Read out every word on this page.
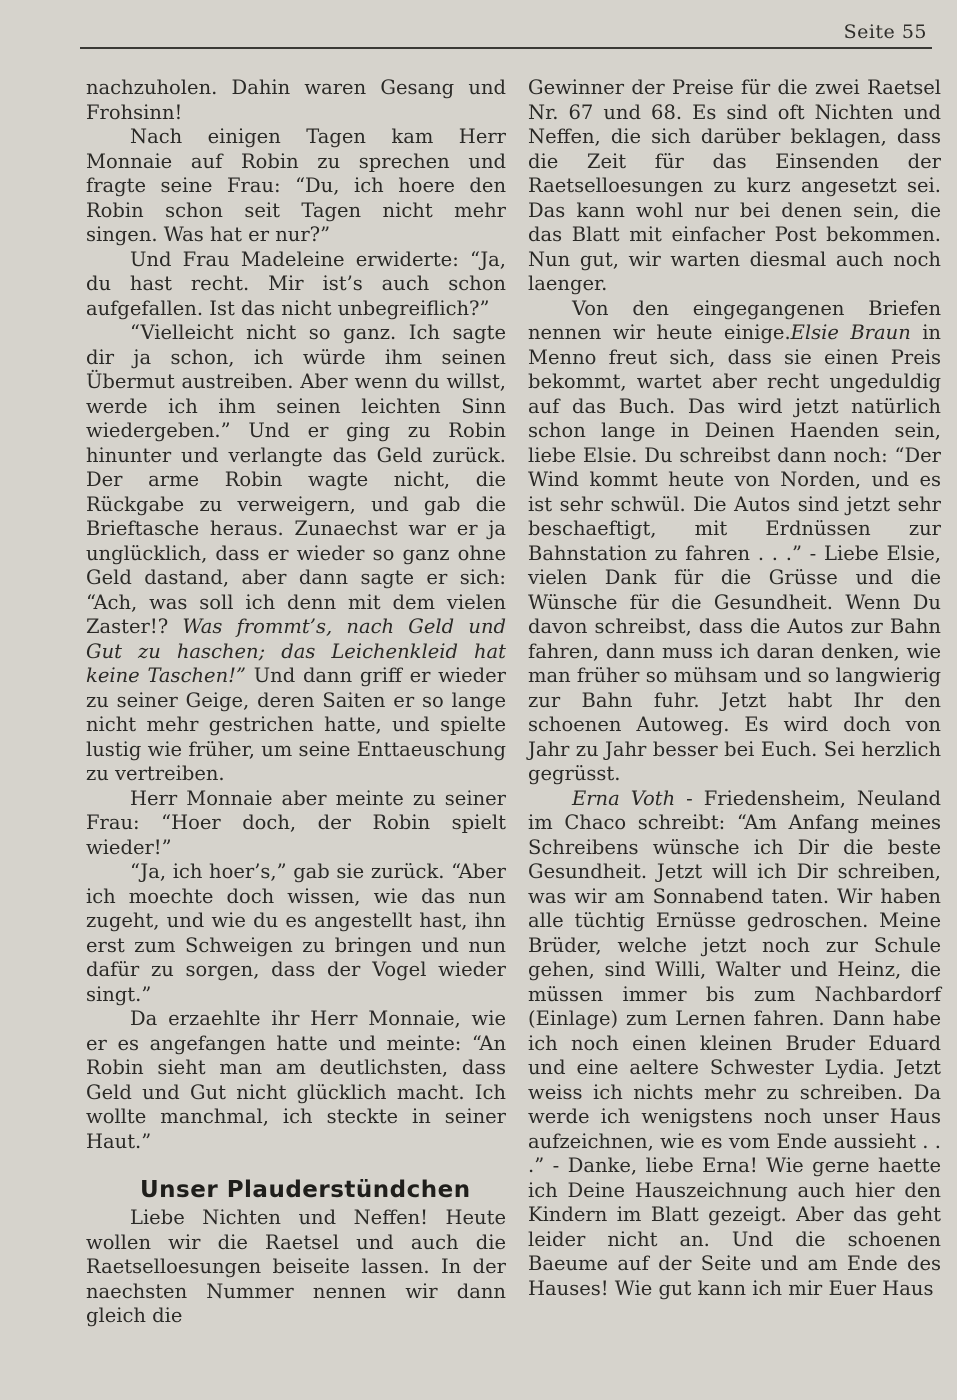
Seite 55

nachzuholen. Dahin waren Gesang und Frohsinn!

Nach einigen Tagen kam Herr Monnaie auf Robin zu sprechen und fragte seine Frau: “Du, ich hoere den Robin schon seit Tagen nicht mehr singen. Was hat er nur?”

Und Frau Madeleine erwiderte: “Ja, du hast recht. Mir ist’s auch schon aufgefallen. Ist das nicht unbegreiflich?”

“Vielleicht nicht so ganz. Ich sagte dir ja schon, ich würde ihm seinen Übermut austreiben. Aber wenn du willst, werde ich ihm seinen leichten Sinn wiedergeben.” Und er ging zu Robin hinunter und verlangte das Geld zurück. Der arme Robin wagte nicht, die Rückgabe zu verweigern, und gab die Brieftasche heraus. Zunaechst war er ja unglücklich, dass er wieder so ganz ohne Geld dastand, aber dann sagte er sich: “Ach, was soll ich denn mit dem vielen Zaster!? Was frommt’s, nach Geld und Gut zu haschen; das Leichenkleid hat keine Taschen!” Und dann griff er wieder zu seiner Geige, deren Saiten er so lange nicht mehr gestrichen hatte, und spielte lustig wie früher, um seine Enttaeuschung zu vertreiben.

Herr Monnaie aber meinte zu seiner Frau: “Hoer doch, der Robin spielt wieder!”

“Ja, ich hoer’s,” gab sie zurück. “Aber ich moechte doch wissen, wie das nun zugeht, und wie du es angestellt hast, ihn erst zum Schweigen zu bringen und nun dafür zu sorgen, dass der Vogel wieder singt.”

Da erzaehlte ihr Herr Monnaie, wie er es angefangen hatte und meinte: “An Robin sieht man am deutlichsten, dass Geld und Gut nicht glücklich macht. Ich wollte manchmal, ich steckte in seiner Haut.”

Unser Plauderstündchen

Liebe Nichten und Neffen! Heute wollen wir die Raetsel und auch die Raetselloesungen beiseite lassen. In der naechsten Nummer nennen wir dann gleich die

Gewinner der Preise für die zwei Raetsel Nr. 67 und 68. Es sind oft Nichten und Neffen, die sich darüber beklagen, dass die Zeit für das Einsenden der Raetselloesungen zu kurz angesetzt sei. Das kann wohl nur bei denen sein, die das Blatt mit einfacher Post bekommen. Nun gut, wir warten diesmal auch noch laenger.

Von den eingegangenen Briefen nennen wir heute einige.Elsie Braun in Menno freut sich, dass sie einen Preis bekommt, wartet aber recht ungeduldig auf das Buch. Das wird jetzt natürlich schon lange in Deinen Haenden sein, liebe Elsie. Du schreibst dann noch: “Der Wind kommt heute von Norden, und es ist sehr schwül. Die Autos sind jetzt sehr beschaeftigt, mit Erdnüssen zur Bahnstation zu fahren . . .” - Liebe Elsie, vielen Dank für die Grüsse und die Wünsche für die Gesundheit. Wenn Du davon schreibst, dass die Autos zur Bahn fahren, dann muss ich daran denken, wie man früher so mühsam und so langwierig zur Bahn fuhr. Jetzt habt Ihr den schoenen Autoweg. Es wird doch von Jahr zu Jahr besser bei Euch. Sei herzlich gegrüsst.

Erna Voth - Friedensheim, Neuland im Chaco schreibt: “Am Anfang meines Schreibens wünsche ich Dir die beste Gesundheit. Jetzt will ich Dir schreiben, was wir am Sonnabend taten. Wir haben alle tüchtig Ernüsse gedroschen. Meine Brüder, welche jetzt noch zur Schule gehen, sind Willi, Walter und Heinz, die müssen immer bis zum Nachbardorf (Einlage) zum Lernen fahren. Dann habe ich noch einen kleinen Bruder Eduard und eine aeltere Schwester Lydia. Jetzt weiss ich nichts mehr zu schreiben. Da werde ich wenigstens noch unser Haus aufzeichnen, wie es vom Ende aussieht . . .” - Danke, liebe Erna! Wie gerne haette ich Deine Hauszeichnung auch hier den Kindern im Blatt gezeigt. Aber das geht leider nicht an. Und die schoenen Baeume auf der Seite und am Ende des Hauses! Wie gut kann ich mir Euer Haus
